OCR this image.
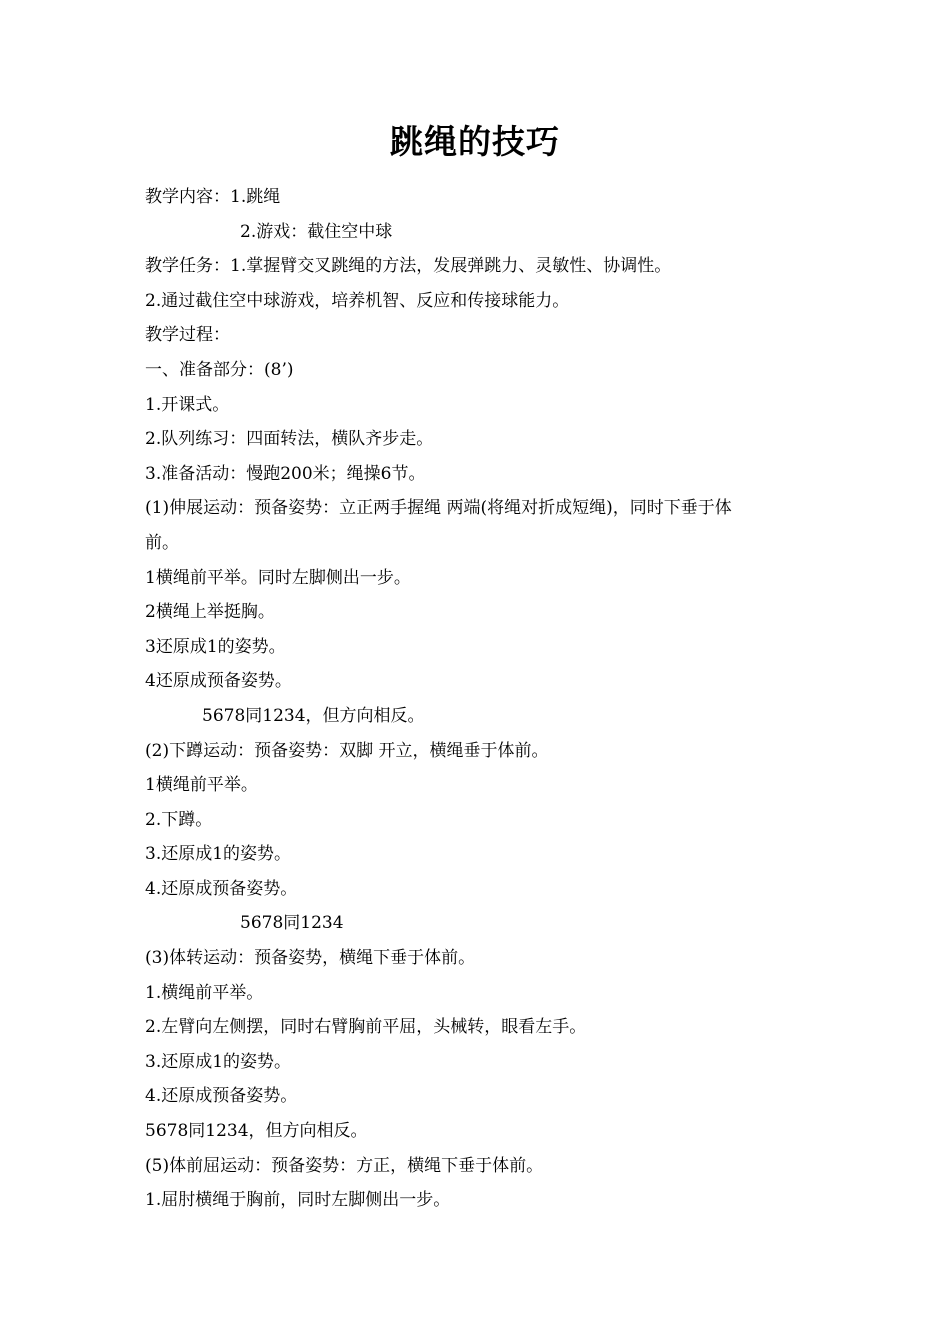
跳绳的技巧
教学内容：1.跳绳
2.游戏：截住空中球
教学任务：1.掌握臂交叉跳绳的方法，发展弹跳力、灵敏性、协调性。
2.通过截住空中球游戏，培养机智、反应和传接球能力。
教学过程：
一、准备部分：(8’)
1.开课式。
2.队列练习：四面转法，横队齐步走。
3.准备活动：慢跑200米；绳操6节。
(1)伸展运动：预备姿势：立正两手握绳 两端(将绳对折成短绳)，同时下垂于体
前。
1横绳前平举。同时左脚侧出一步。
2横绳上举挺胸。
3还原成1的姿势。
4还原成预备姿势。
5678同1234，但方向相反。
(2)下蹲运动：预备姿势：双脚 开立，横绳垂于体前。
1横绳前平举。
2.下蹲。
3.还原成1的姿势。
4.还原成预备姿势。
5678同1234
(3)体转运动：预备姿势，横绳下垂于体前。
1.横绳前平举。
2.左臂向左侧摆，同时右臂胸前平屈，头械转，眼看左手。
3.还原成1的姿势。
4.还原成预备姿势。
5678同1234，但方向相反。
(5)体前屈运动：预备姿势：方正，横绳下垂于体前。
1.屈肘横绳于胸前，同时左脚侧出一步。
